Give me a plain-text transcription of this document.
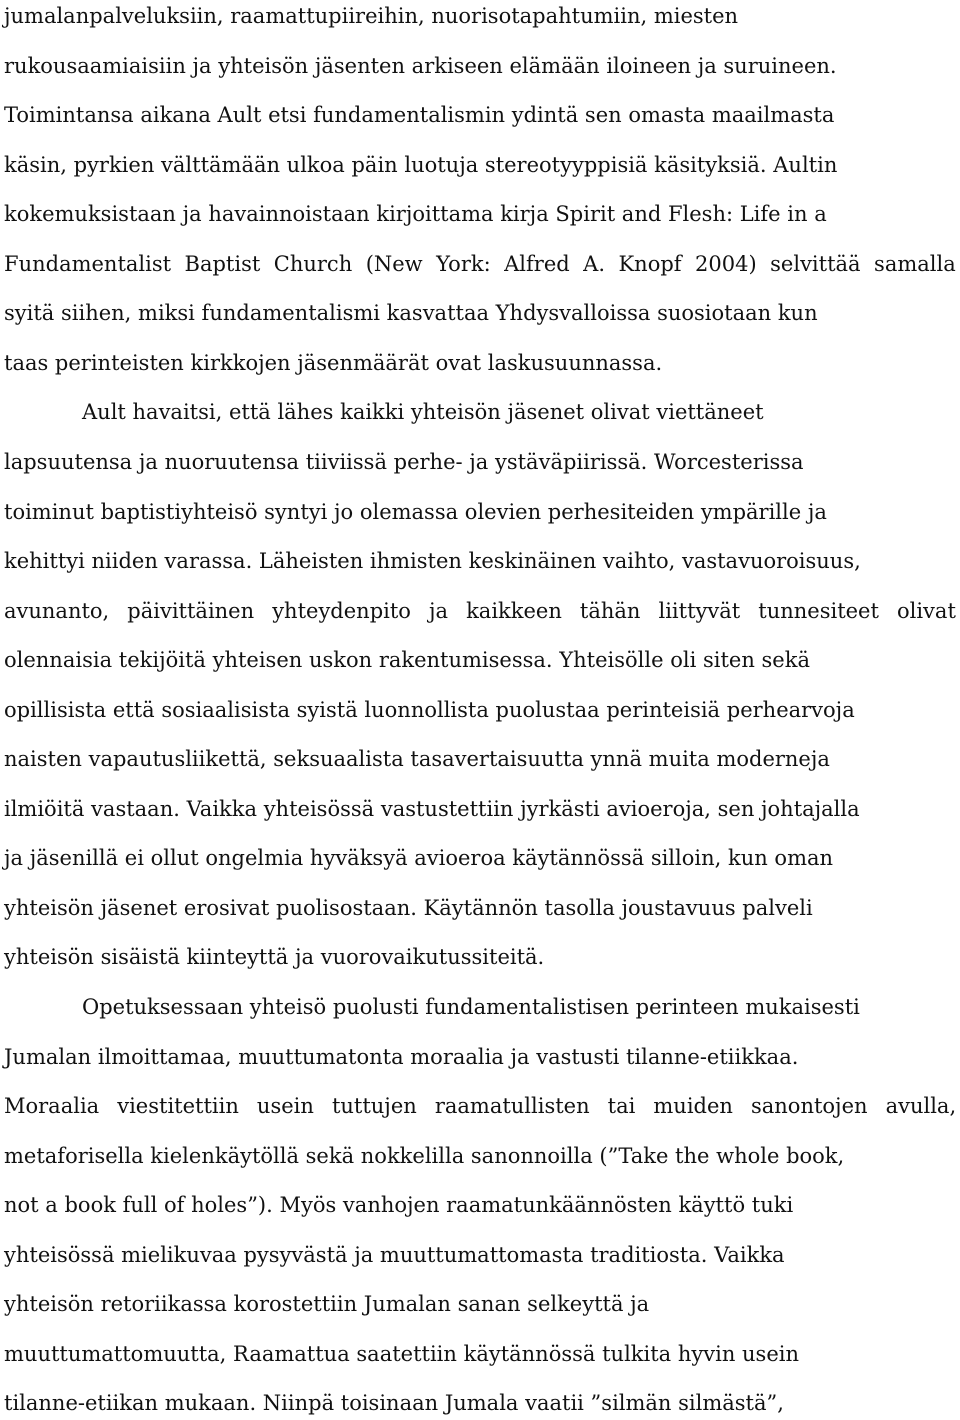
jumalanpalveluksiin, raamattupiireihin, nuorisotapahtumiin, miesten
rukousaamiaisiin ja yhteisön jäsenten arkiseen elämään iloineen ja suruineen.
Toimintansa aikana Ault etsi fundamentalismin ydintä sen omasta maailmasta
käsin, pyrkien välttämään ulkoa päin luotuja stereotyyppisiä käsityksiä. Aultin
kokemuksistaan ja havainnoistaan kirjoittama kirja Spirit and Flesh: Life in a
Fundamentalist Baptist Church (New York: Alfred A. Knopf 2004) selvittää samalla
syitä siihen, miksi fundamentalismi kasvattaa Yhdysvalloissa suosiotaan kun
taas perinteisten kirkkojen jäsenmäärät ovat laskusuunnassa.
Ault havaitsi, että lähes kaikki yhteisön jäsenet olivat viettäneet
lapsuutensa ja nuoruutensa tiiviissä perhe- ja ystäväpiirissä. Worcesterissa
toiminut baptistiyhteisö syntyi jo olemassa olevien perhesiteiden ympärille ja
kehittyi niiden varassa. Läheisten ihmisten keskinäinen vaihto, vastavuoroisuus,
avunanto, päivittäinen yhteydenpito ja kaikkeen tähän liittyvät tunnesiteet olivat
olennaisia tekijöitä yhteisen uskon rakentumisessa. Yhteisölle oli siten sekä
opillisista että sosiaalisista syistä luonnollista puolustaa perinteisiä perhearvoja
naisten vapautusliikettä, seksuaalista tasavertaisuutta ynnä muita moderneja
ilmiöitä vastaan. Vaikka yhteisössä vastustettiin jyrkästi avioeroja, sen johtajalla
ja jäsenillä ei ollut ongelmia hyväksyä avioeroa käytännössä silloin, kun oman
yhteisön jäsenet erosivat puolisostaan. Käytännön tasolla joustavuus palveli
yhteisön sisäistä kiinteyttä ja vuorovaikutussiteitä.
Opetuksessaan yhteisö puolusti fundamentalistisen perinteen mukaisesti
Jumalan ilmoittamaa, muuttumatonta moraalia ja vastusti tilanne-etiikkaa.
Moraalia viestitettiin usein tuttujen raamatullisten tai muiden sanontojen avulla,
metaforisella kielenkäytöllä sekä nokkelilla sanonnoilla (”Take the whole book,
not a book full of holes”). Myös vanhojen raamatunkäännösten käyttö tuki
yhteisössä mielikuvaa pysyvästä ja muuttumattomasta traditiosta. Vaikka
yhteisön retoriikassa korostettiin Jumalan sanan selkeyttä ja
muuttumattomuutta, Raamattua saatettiin käytännössä tulkita hyvin usein
tilanne-etiikan mukaan. Niinpä toisinaan Jumala vaatii ”silmän silmästä”,
